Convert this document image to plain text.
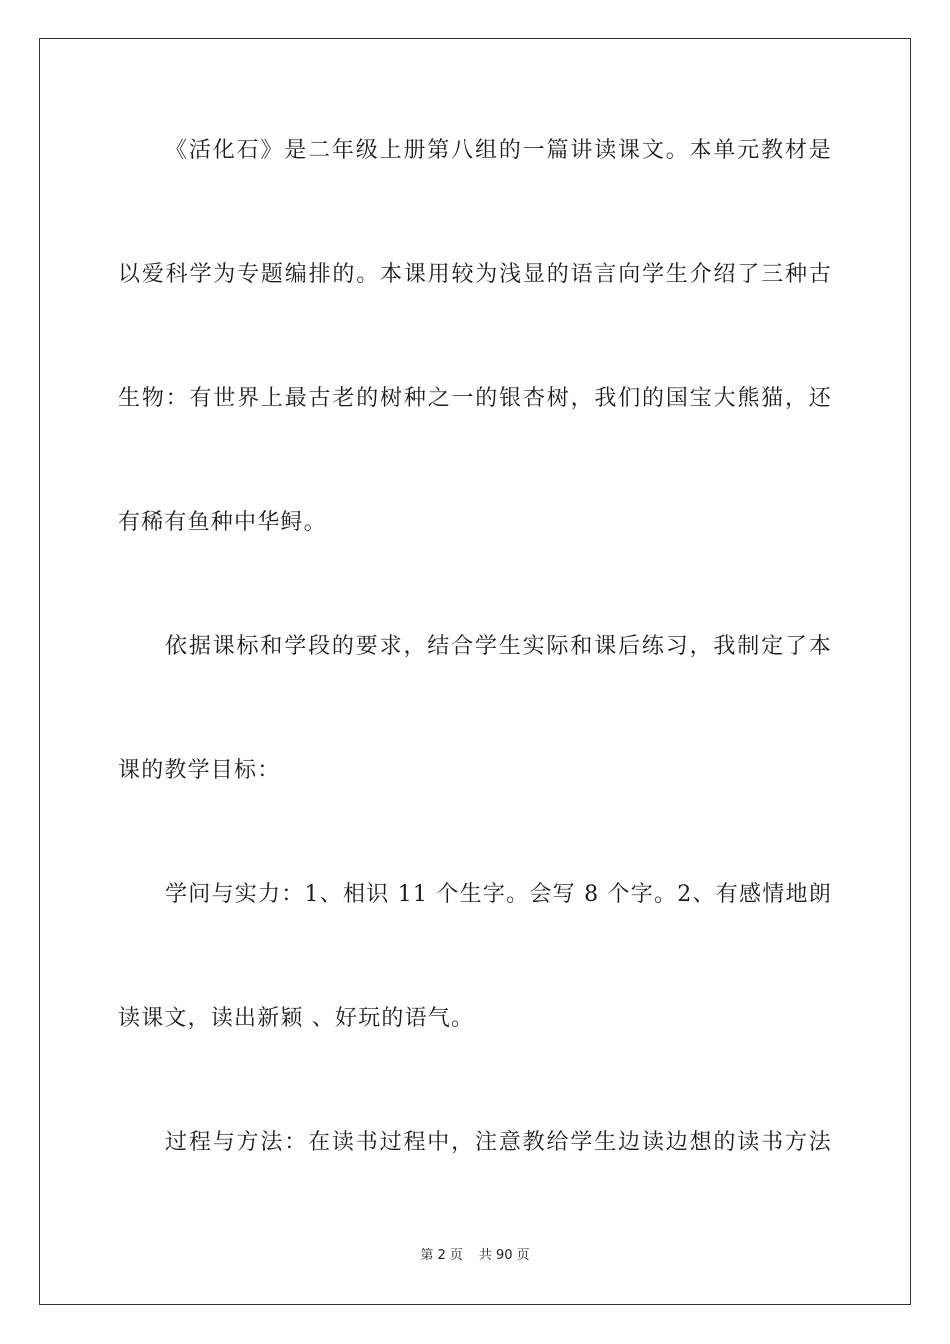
《活化石》是二年级上册第八组的一篇讲读课文。本单元教材是
以爱科学为专题编排的。本课用较为浅显的语言向学生介绍了三种古
生物：有世界上最古老的树种之一的银杏树，我们的国宝大熊猫，还
有稀有鱼种中华鲟。
依据课标和学段的要求，结合学生实际和课后练习，我制定了本
课的教学目标：
学问与实力：1、相识 11 个生字。会写 8 个字。2、有感情地朗
读课文，读出新颖 、好玩的语气。
过程与方法：在读书过程中，注意教给学生边读边想的读书方法
第 2 页 共 90 页
